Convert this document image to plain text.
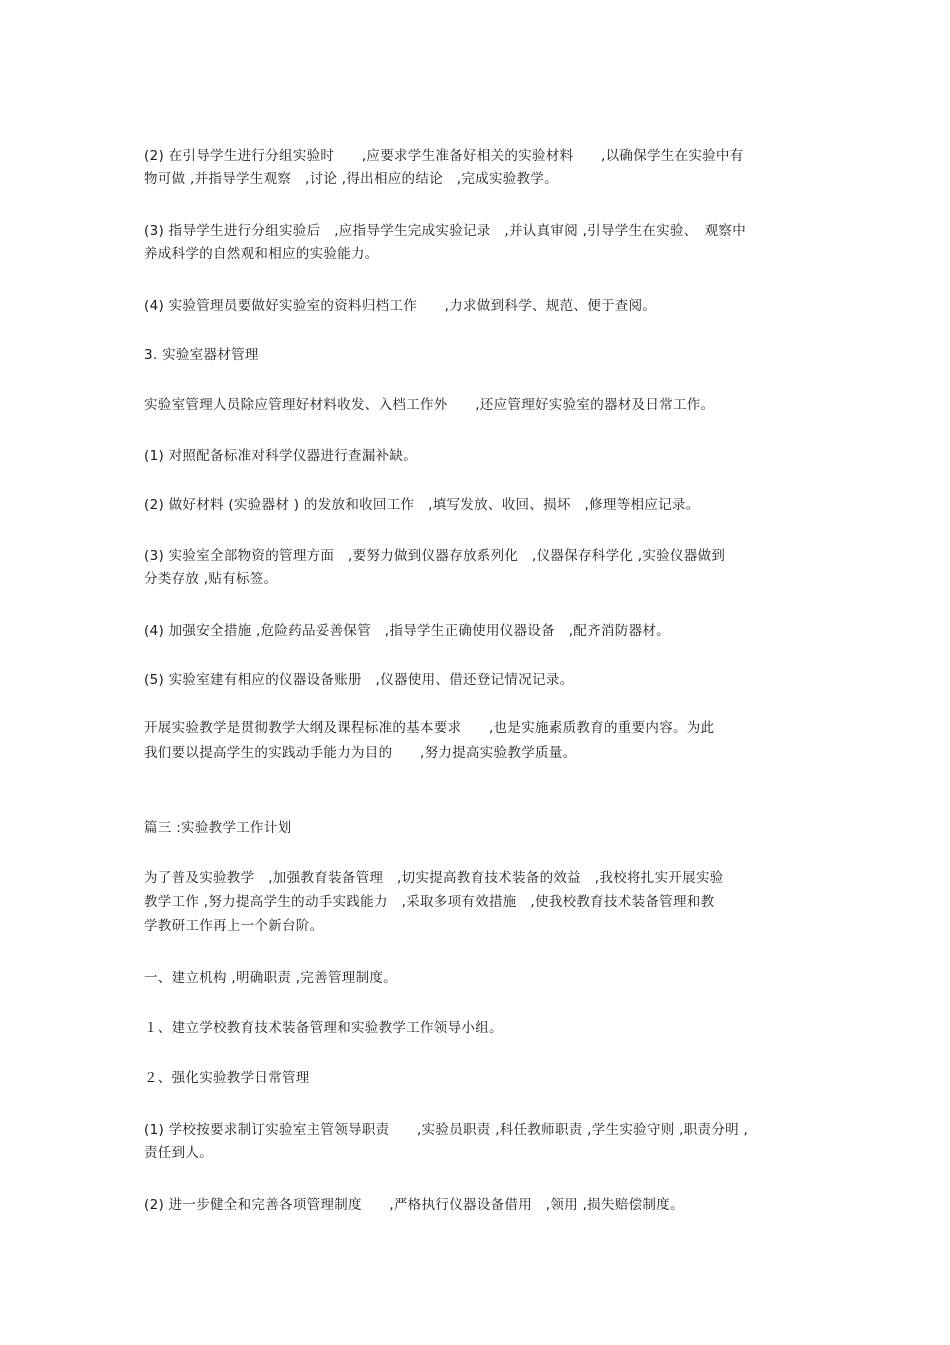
(2) 在引导学生进行分组实验时　　,应要求学生准备好相关的实验材料　　,以确保学生在实验中有
物可做 ,并指导学生观察　,讨论 ,得出相应的结论　,完成实验教学。
(3) 指导学生进行分组实验后　,应指导学生完成实验记录　,并认真审阅 ,引导学生在实验、　观察中
养成科学的自然观和相应的实验能力。
(4) 实验管理员要做好实验室的资料归档工作　　,力求做到科学、规范、便于查阅。
3. 实验室器材管理
实验室管理人员除应管理好材料收发、入档工作外　　,还应管理好实验室的器材及日常工作。
(1) 对照配备标准对科学仪器进行查漏补缺。
(2) 做好材料 (实验器材 ) 的发放和收回工作　,填写发放、收回、损坏　,修理等相应记录。
(3) 实验室全部物资的管理方面　,要努力做到仪器存放系列化　,仪器保存科学化 ,实验仪器做到
分类存放 ,贴有标签。
(4) 加强安全措施 ,危险药品妥善保管　,指导学生正确使用仪器设备　,配齐消防器材。
(5) 实验室建有相应的仪器设备账册　,仪器使用、借还登记情况记录。
开展实验教学是贯彻教学大纲及课程标准的基本要求　　,也是实施素质教育的重要内容。为此
我们要以提高学生的实践动手能力为目的　　,努力提高实验教学质量。
篇三 :实验教学工作计划
为了普及实验教学　,加强教育装备管理　,切实提高教育技术装备的效益　,我校将扎实开展实验
教学工作 ,努力提高学生的动手实践能力　,采取多项有效措施　,使我校教育技术装备管理和教
学教研工作再上一个新台阶。
一、建立机构 ,明确职责 ,完善管理制度。
１、建立学校教育技术装备管理和实验教学工作领导小组。
２、强化实验教学日常管理
(1) 学校按要求制订实验室主管领导职责　　,实验员职责 ,科任教师职责 ,学生实验守则 ,职责分明 ,
责任到人。
(2) 进一步健全和完善各项管理制度　　,严格执行仪器设备借用　,领用 ,损失赔偿制度。
